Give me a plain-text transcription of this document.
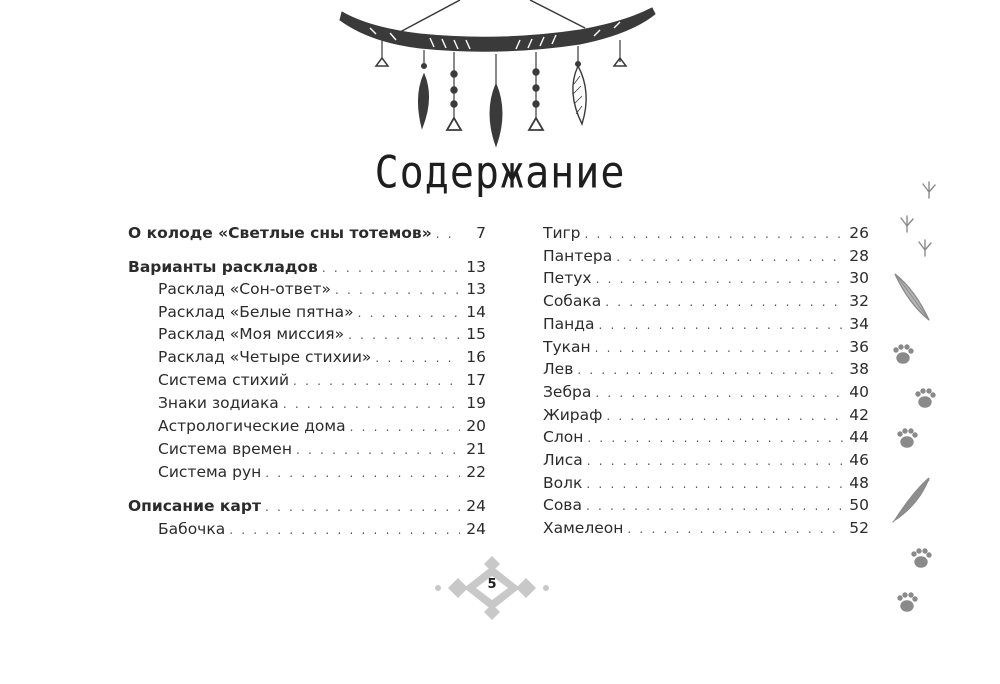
Содержание
О колоде «Светлые сны тотемов» . . .	7
Варианты раскладов . . .	13
Расклад «Сон-ответ» . . .	13
Расклад «Белые пятна» . . .	14
Расклад «Моя миссия» . . .	15
Расклад «Четыре стихии» . . .	16
Система стихий . . .	17
Знаки зодиака . . .	19
Астрологические дома . . .	20
Система времен . . .	21
Система рун . . .	22
Описание карт . . .	24
Бабочка . . .	24
Тигр . . .	26
Пантера . . .	28
Петух . . .	30
Собака . . .	32
Панда . . .	34
Тукан . . .	36
Лев . . .	38
Зебра . . .	40
Жираф . . .	42
Слон . . .	44
Лиса . . .	46
Волк . . .	48
Сова . . .	50
Хамелеон . . .	52
5
